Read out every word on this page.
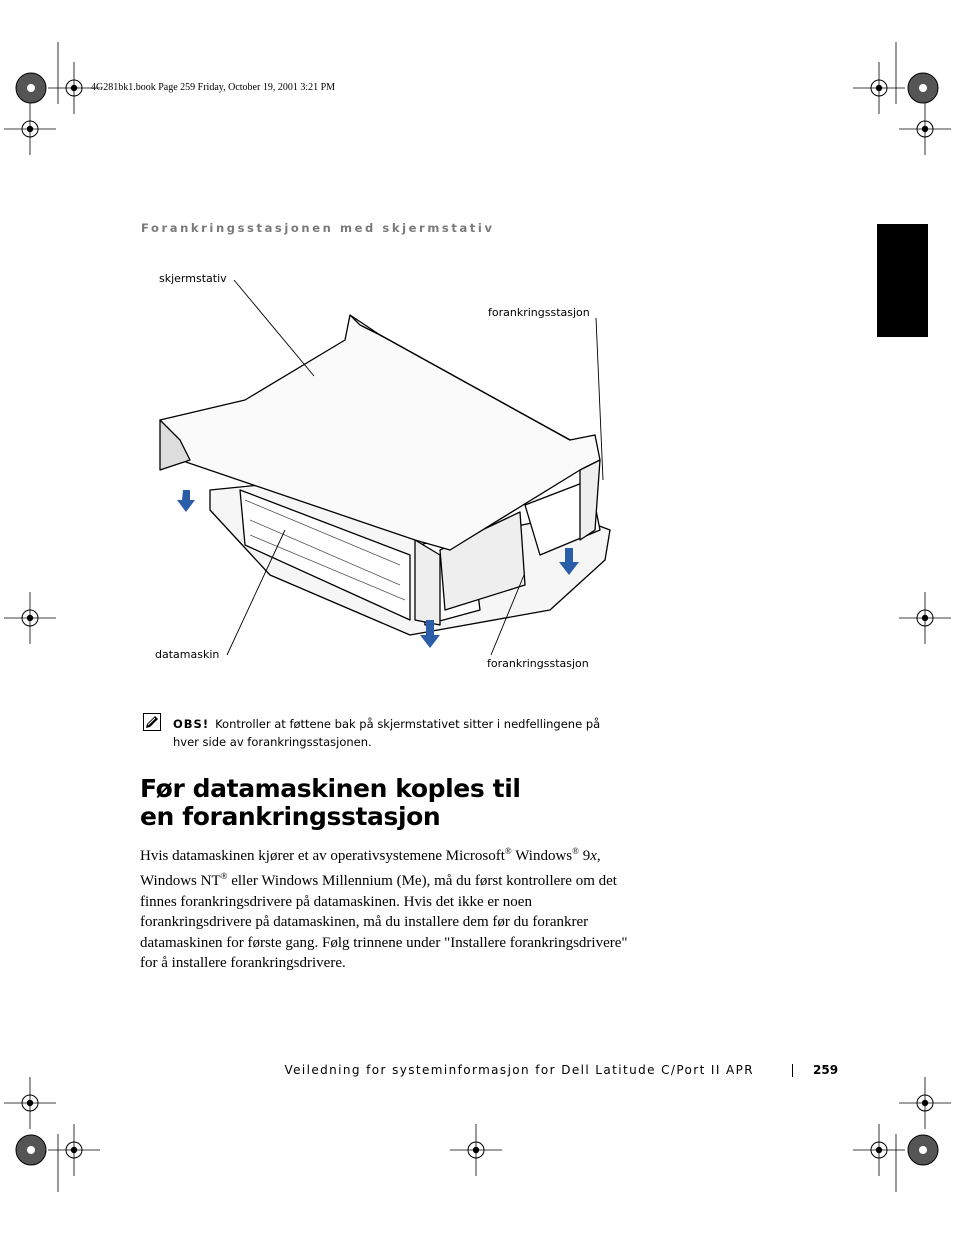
4G281bk1.book Page 259 Friday, October 19, 2001 3:21 PM
Forankringsstasjonen med skjermstativ
skjermstativ
forankringsstasjon
datamaskin
forankringsstasjon
OBS! Kontroller at føttene bak på skjermstativet sitter i nedfellingene på hver side av forankringsstasjonen.
Før datamaskinen koples til
en forankringsstasjon
Hvis datamaskinen kjører et av operativsystemene Microsoft® Windows® 9x,
Windows NT® eller Windows Millennium (Me), må du først kontrollere om det finnes forankringsdrivere på datamaskinen. Hvis det ikke er noen forankringsdrivere på datamaskinen, må du installere dem før du forankrer datamaskinen for første gang. Følg trinnene under "Installere forankringsdrivere" for å installere forankringsdrivere.
Veiledning for systeminformasjon for Dell Latitude C/Port II APR	259
